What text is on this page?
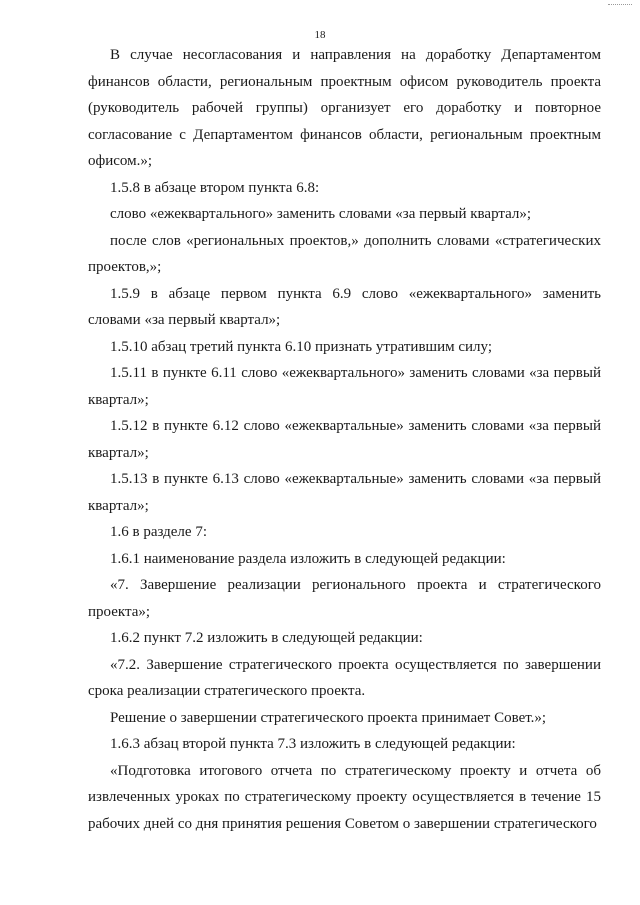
18

В случае несогласования и направления на доработку Департаментом финансов области, региональным проектным офисом руководитель проекта (руководитель рабочей группы) организует его доработку и повторное согласование с Департаментом финансов области, региональным проектным офисом.»;

1.5.8 в абзаце втором пункта 6.8:

слово «ежеквартального» заменить словами «за первый квартал»;

после слов «региональных проектов,» дополнить словами «стратегических проектов,»;

1.5.9 в абзаце первом пункта 6.9 слово «ежеквартального» заменить словами «за первый квартал»;

1.5.10 абзац третий пункта 6.10 признать утратившим силу;

1.5.11 в пункте 6.11 слово «ежеквартального» заменить словами «за первый квартал»;

1.5.12 в пункте 6.12 слово «ежеквартальные» заменить словами «за первый квартал»;

1.5.13 в пункте 6.13 слово «ежеквартальные» заменить словами «за первый квартал»;

1.6 в разделе 7:

1.6.1 наименование раздела изложить в следующей редакции:

«7. Завершение реализации регионального проекта и стратегического проекта»;

1.6.2 пункт 7.2 изложить в следующей редакции:

«7.2. Завершение стратегического проекта осуществляется по завершении срока реализации стратегического проекта.

Решение о завершении стратегического проекта принимает Совет.»;

1.6.3 абзац второй пункта 7.3 изложить в следующей редакции:

«Подготовка итогового отчета по стратегическому проекту и отчета об извлеченных уроках по стратегическому проекту осуществляется в течение 15 рабочих дней со дня принятия решения Советом о завершении стратегического
